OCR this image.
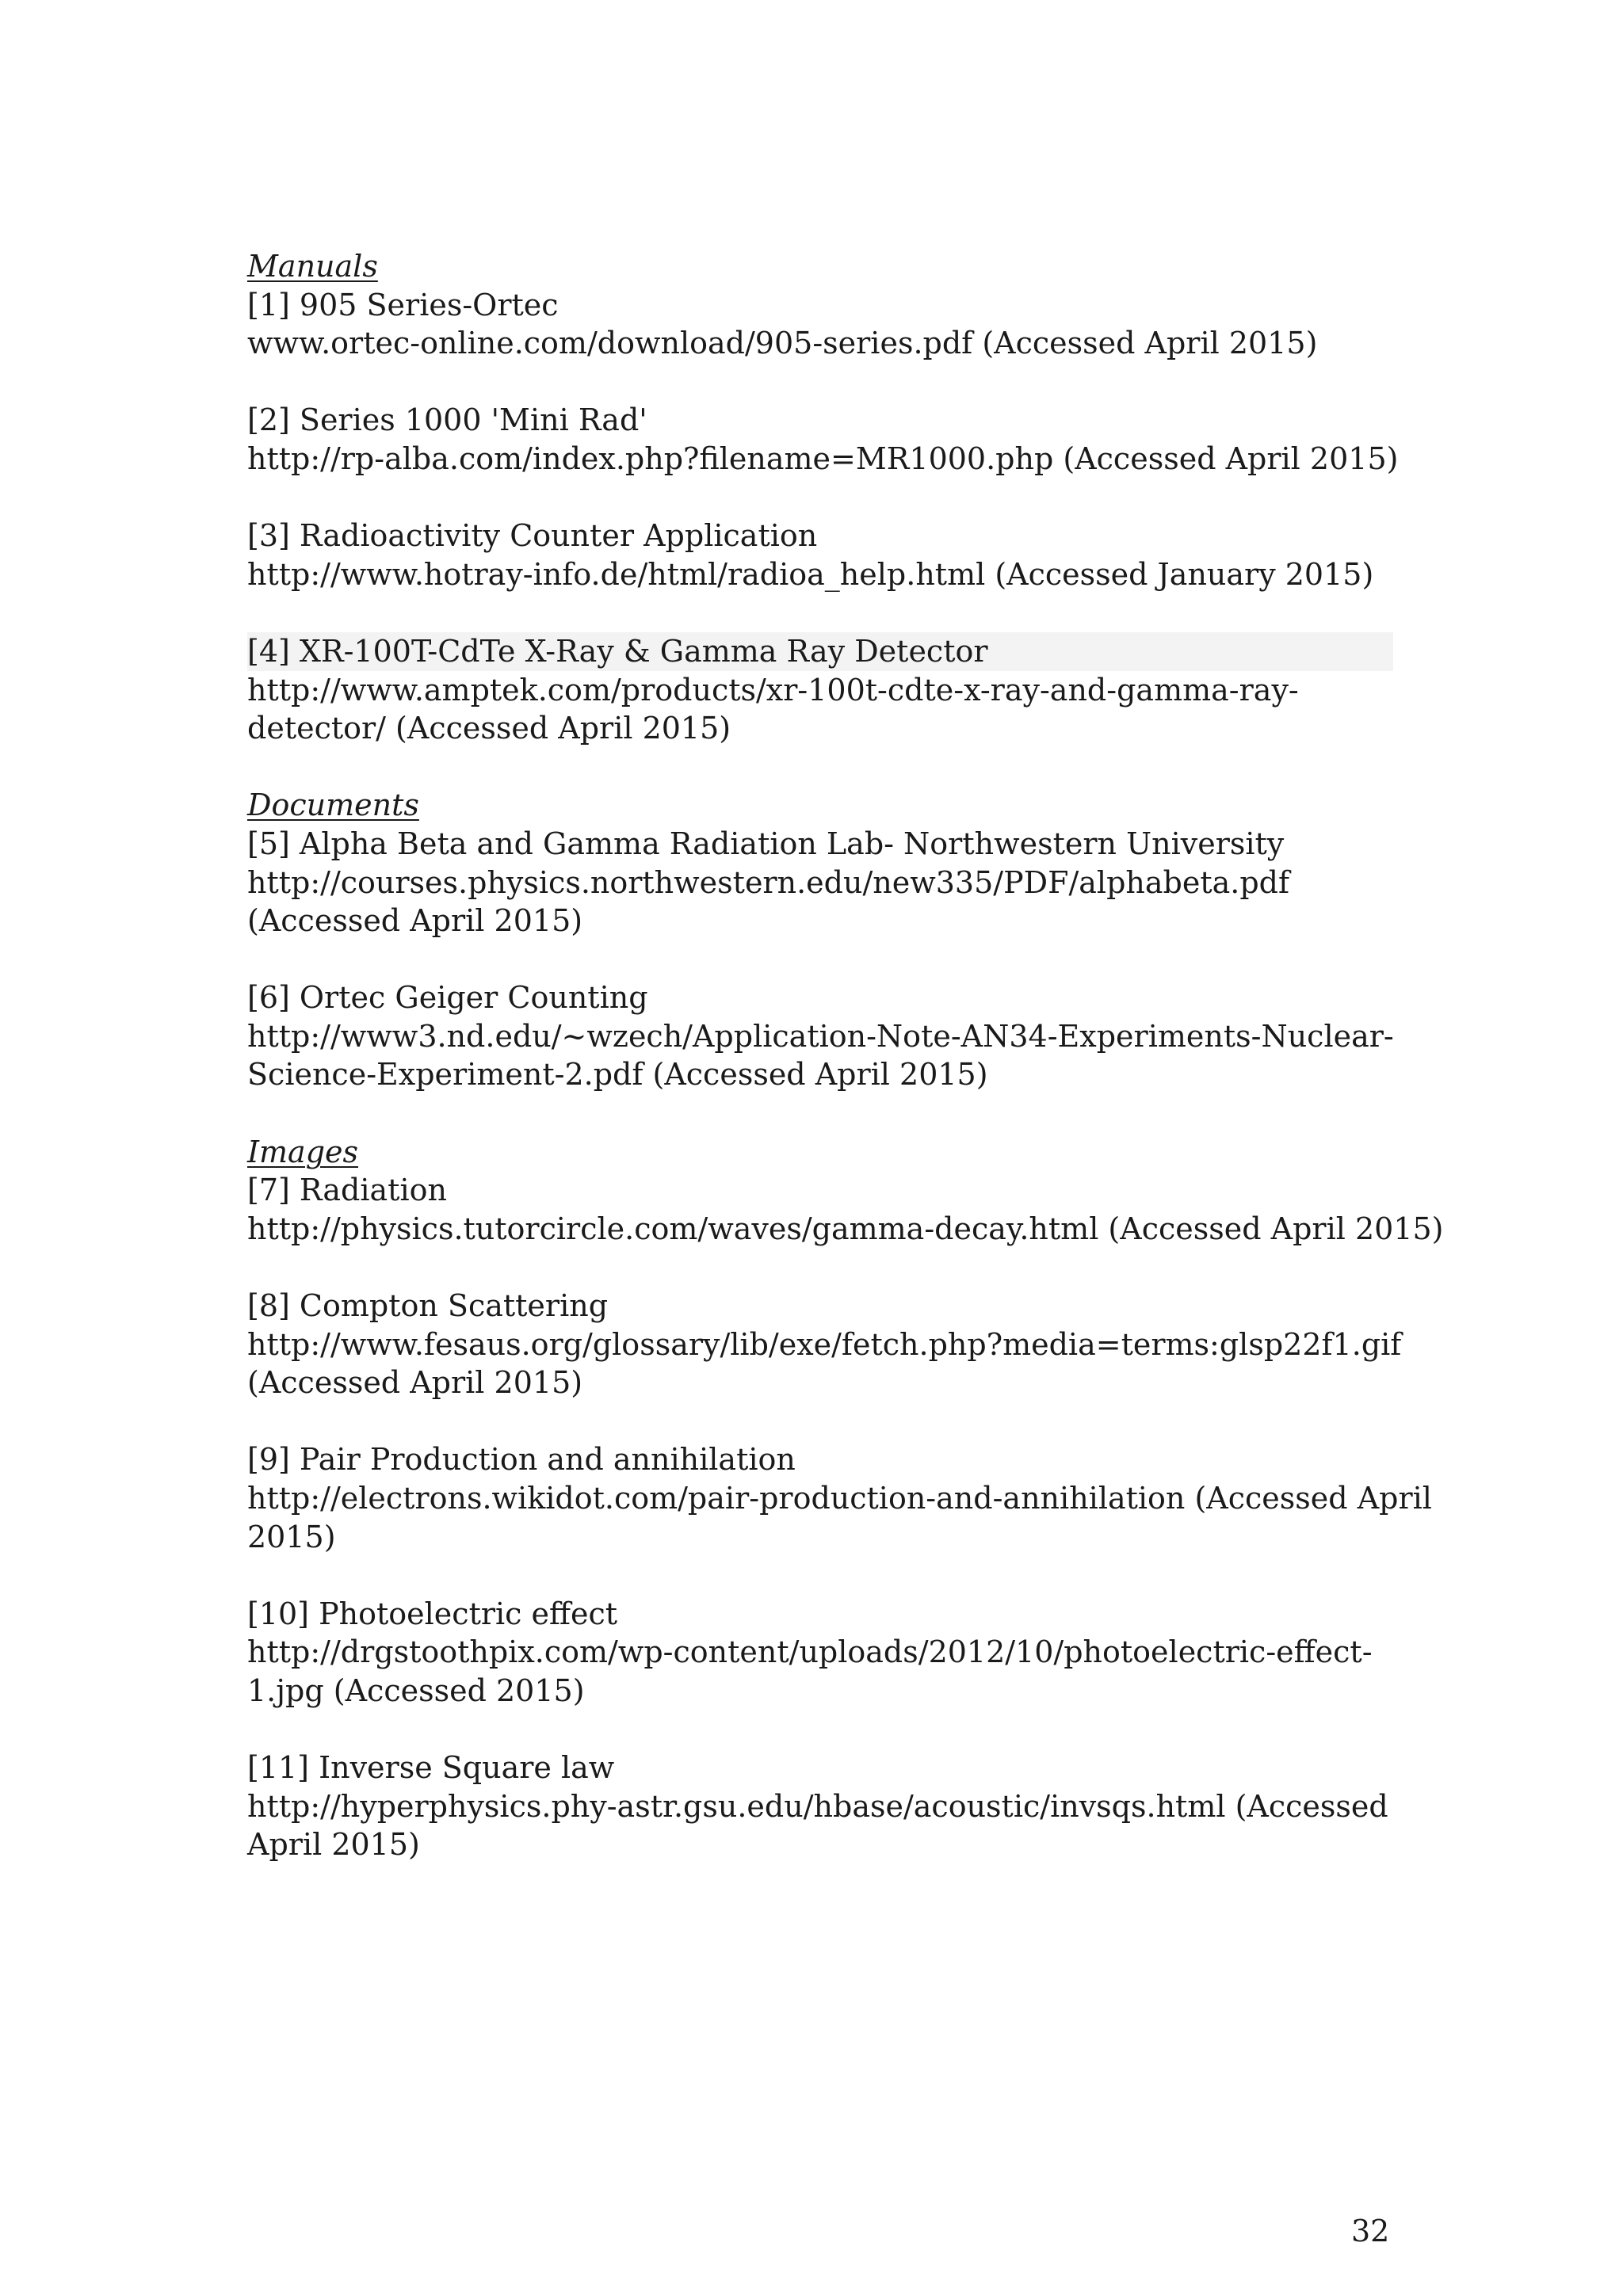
Manuals
[1] 905 Series-Ortec
www.ortec-online.com/download/905-series.pdf (Accessed April 2015)
[2] Series 1000 'Mini Rad'
http://rp-alba.com/index.php?filename=MR1000.php (Accessed April 2015)
[3] Radioactivity Counter Application
http://www.hotray-info.de/html/radioa_help.html (Accessed January 2015)
[4] XR-100T-CdTe X-Ray & Gamma Ray Detector
http://www.amptek.com/products/xr-100t-cdte-x-ray-and-gamma-ray-
detector/ (Accessed April 2015)
Documents
[5] Alpha Beta and Gamma Radiation Lab- Northwestern University
http://courses.physics.northwestern.edu/new335/PDF/alphabeta.pdf
(Accessed April 2015)
[6] Ortec Geiger Counting
http://www3.nd.edu/~wzech/Application-Note-AN34-Experiments-Nuclear-
Science-Experiment-2.pdf (Accessed April 2015)
Images
[7] Radiation
http://physics.tutorcircle.com/waves/gamma-decay.html (Accessed April 2015)
[8] Compton Scattering
http://www.fesaus.org/glossary/lib/exe/fetch.php?media=terms:glsp22f1.gif
(Accessed April 2015)
[9] Pair Production and annihilation
http://electrons.wikidot.com/pair-production-and-annihilation (Accessed April
2015)
[10] Photoelectric effect
http://drgstoothpix.com/wp-content/uploads/2012/10/photoelectric-effect-
1.jpg (Accessed 2015)
[11] Inverse Square law
http://hyperphysics.phy-astr.gsu.edu/hbase/acoustic/invsqs.html (Accessed
April 2015)
32
